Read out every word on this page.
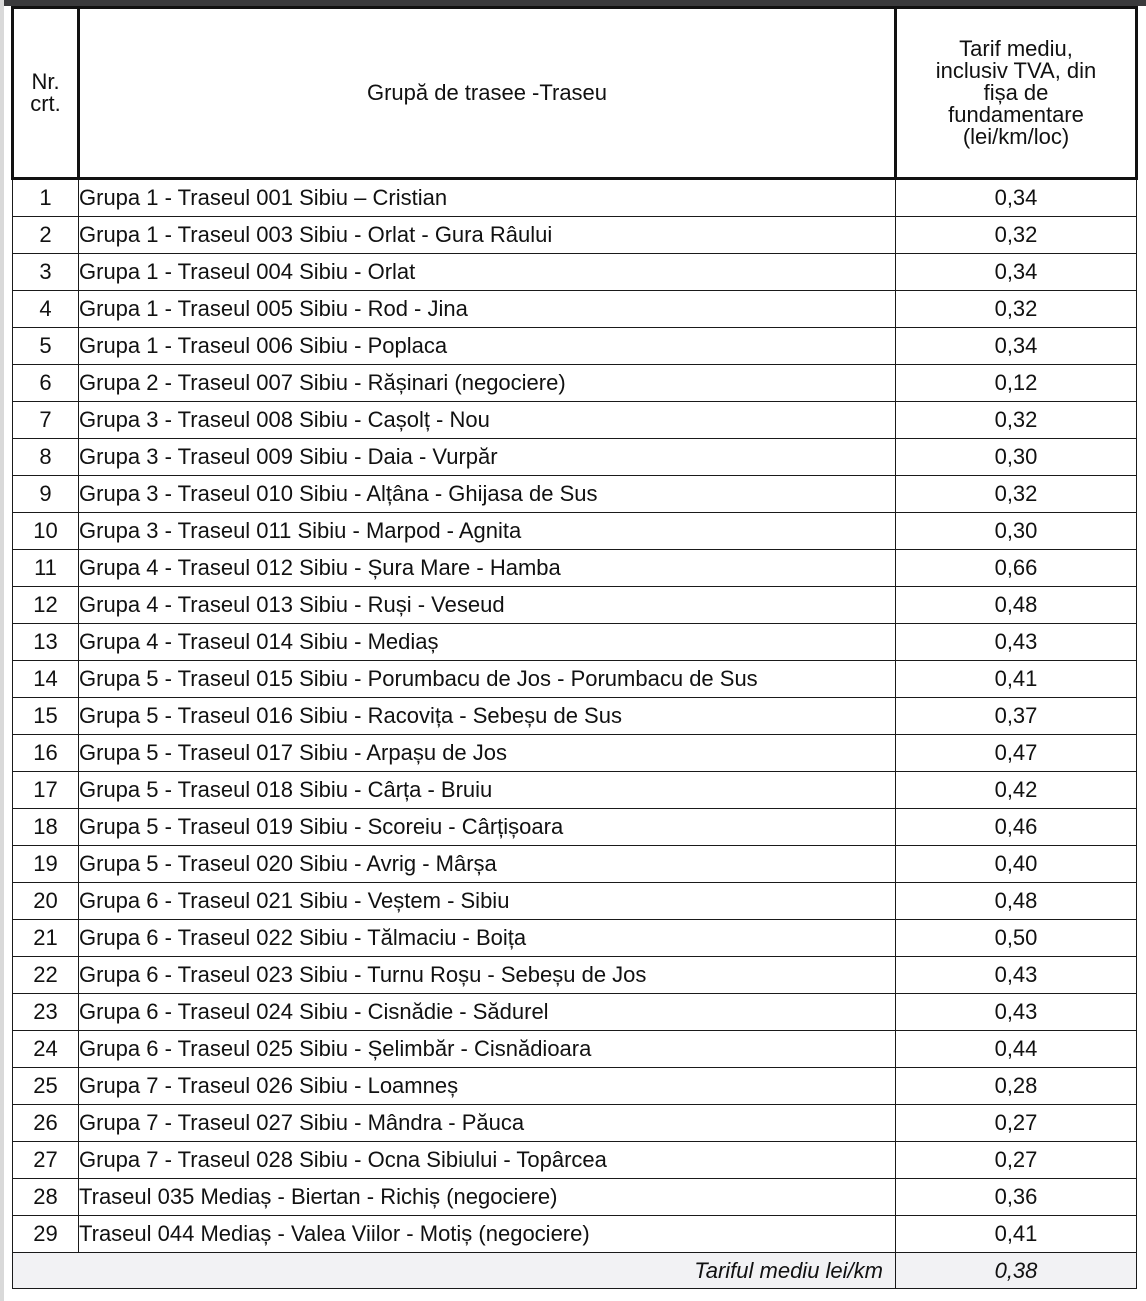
Nr.
crt.	Grupă de trasee -Traseu	Tarif mediu,
inclusiv TVA, din
fișa de
fundamentare
(lei/km/loc)

1	Grupa 1 - Traseul 001 Sibiu – Cristian	0,34
2	Grupa 1 - Traseul 003 Sibiu - Orlat - Gura Râului	0,32
3	Grupa 1 - Traseul 004 Sibiu - Orlat	0,34
4	Grupa 1 - Traseul 005 Sibiu - Rod - Jina	0,32
5	Grupa 1 - Traseul 006 Sibiu - Poplaca	0,34
6	Grupa 2 - Traseul 007 Sibiu - Rășinari (negociere)	0,12
7	Grupa 3 - Traseul 008 Sibiu - Cașolț - Nou	0,32
8	Grupa 3 - Traseul 009 Sibiu - Daia - Vurpăr	0,30
9	Grupa 3 - Traseul 010 Sibiu - Alțâna - Ghijasa de Sus	0,32
10	Grupa 3 - Traseul 011 Sibiu - Marpod - Agnita	0,30
11	Grupa 4 - Traseul 012 Sibiu - Șura Mare - Hamba	0,66
12	Grupa 4 - Traseul 013 Sibiu - Ruși - Veseud	0,48
13	Grupa 4 - Traseul 014 Sibiu - Mediaș	0,43
14	Grupa 5 - Traseul 015 Sibiu - Porumbacu de Jos - Porumbacu de Sus	0,41
15	Grupa 5 - Traseul 016 Sibiu - Racovița - Sebeșu de Sus	0,37
16	Grupa 5 - Traseul 017 Sibiu - Arpașu de Jos	0,47
17	Grupa 5 - Traseul 018 Sibiu - Cârța - Bruiu	0,42
18	Grupa 5 - Traseul 019 Sibiu - Scoreiu - Cârțișoara	0,46
19	Grupa 5 - Traseul 020 Sibiu - Avrig - Mârșa	0,40
20	Grupa 6 - Traseul 021 Sibiu - Veștem - Sibiu	0,48
21	Grupa 6 - Traseul 022 Sibiu - Tălmaciu - Boița	0,50
22	Grupa 6 - Traseul 023 Sibiu - Turnu Roșu - Sebeșu de Jos	0,43
23	Grupa 6 - Traseul 024 Sibiu - Cisnădie - Sădurel	0,43
24	Grupa 6 - Traseul 025 Sibiu - Șelimbăr - Cisnădioara	0,44
25	Grupa 7 - Traseul 026 Sibiu - Loamneș	0,28
26	Grupa 7 - Traseul 027 Sibiu - Mândra - Păuca	0,27
27	Grupa 7 - Traseul 028 Sibiu - Ocna Sibiului - Topârcea	0,27
28	Traseul 035 Mediaș - Biertan - Richiș (negociere)	0,36
29	Traseul 044 Mediaș - Valea Viilor - Motiș (negociere)	0,41
Tariful mediu lei/km		0,38
